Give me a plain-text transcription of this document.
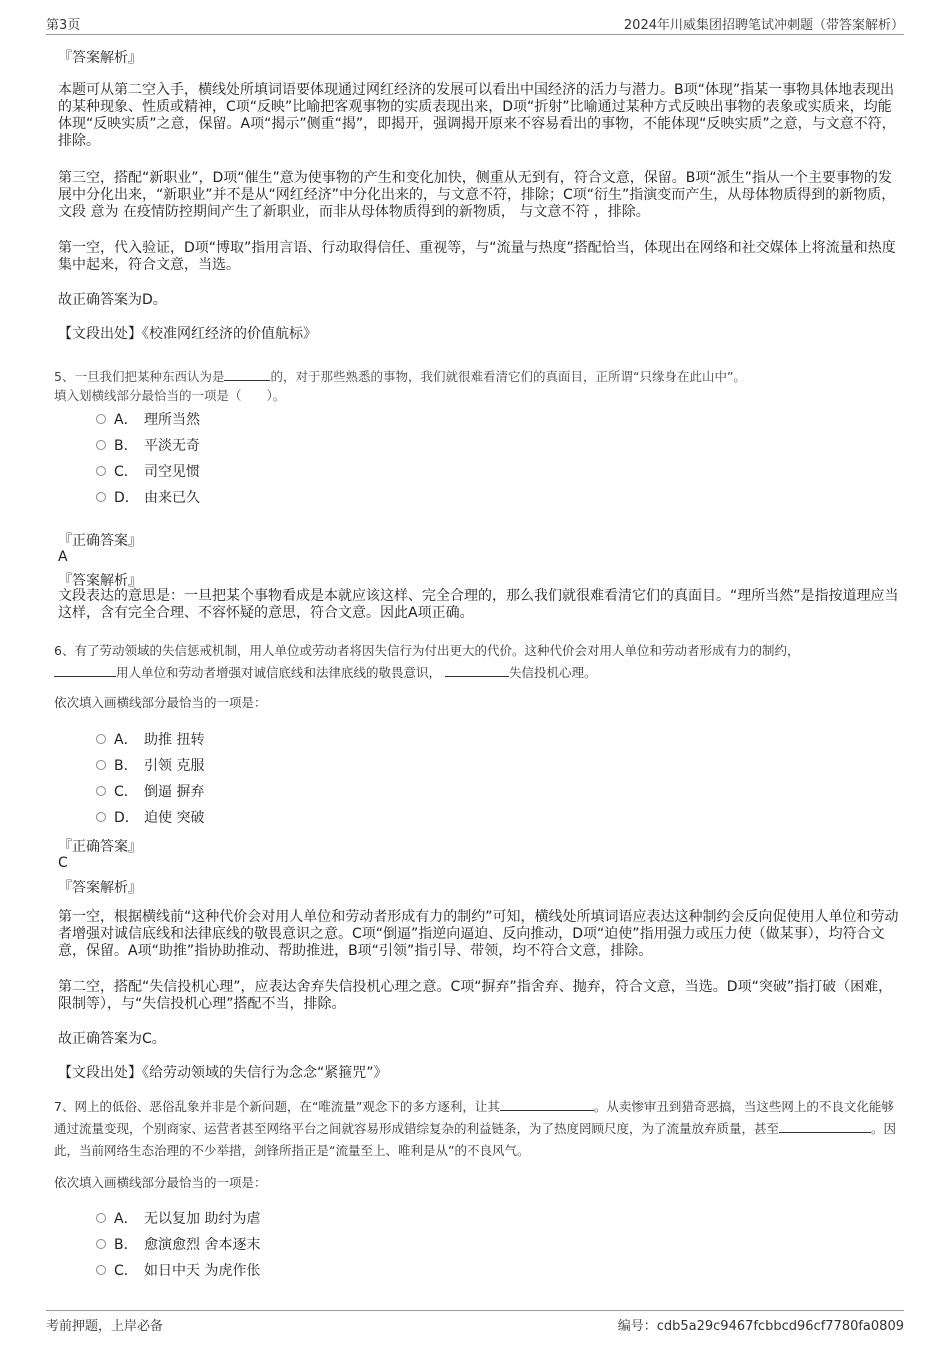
第3页	2024年川威集团招聘笔试冲刺题（带答案解析）
『答案解析』
本题可从第二空入手，横线处所填词语要体现通过网红经济的发展可以看出中国经济的活力与潜力。B项“体现”指某一事物具体地表现出的某种现象、性质或精神，C项“反映”比喻把客观事物的实质表现出来，D项“折射”比喻通过某种方式反映出事物的表象或实质来，均能体现“反映实质”之意，保留。A项“揭示”侧重“揭”，即揭开，强调揭开原来不容易看出的事物，不能体现“反映实质”之意，与文意不符，排除。
第三空，搭配“新职业”，D项“催生”意为使事物的产生和变化加快，侧重从无到有，符合文意，保留。B项“派生”指从一个主要事物的发展中分化出来，“新职业”并不是从“网红经济”中分化出来的，与文意不符，排除；C项“衍生”指演变而产生，从母体物质得到的新物质，文段 意为 在疫情防控期间产生了新职业，而非从母体物质得到的新物质， 与文意不符 ，排除。
第一空，代入验证，D项“博取”指用言语、行动取得信任、重视等，与“流量与热度”搭配恰当，体现出在网络和社交媒体上将流量和热度集中起来，符合文意，当选。
故正确答案为D。
【文段出处】《校准网红经济的价值航标》
5、一旦我们把某种东西认为是	的，对于那些熟悉的事物，我们就很难看清它们的真面目，正所谓“只缘身在此山中”。
填入划横线部分最恰当的一项是（　　）。
A． 理所当然
B． 平淡无奇
C． 司空见惯
D． 由来已久
『正确答案』
A
『答案解析』
文段表达的意思是：一旦把某个事物看成是本就应该这样、完全合理的，那么我们就很难看清它们的真面目。“理所当然”是指按道理应当这样，含有完全合理、不容怀疑的意思，符合文意。因此A项正确。
6、有了劳动领域的失信惩戒机制，用人单位或劳动者将因失信行为付出更大的代价。这种代价会对用人单位和劳动者形成有力的制约，
用人单位和劳动者增强对诚信底线和法律底线的敬畏意识，	失信投机心理。
依次填入画横线部分最恰当的一项是：
A． 助推 扭转
B． 引领 克服
C． 倒逼 摒弃
D． 迫使 突破
『正确答案』
C
『答案解析』
第一空，根据横线前“这种代价会对用人单位和劳动者形成有力的制约”可知，横线处所填词语应表达这种制约会反向促使用人单位和劳动者增强对诚信底线和法律底线的敬畏意识之意。C项“倒逼”指逆向逼迫、反向推动，D项“迫使”指用强力或压力使（做某事），均符合文意，保留。A项“助推”指协助推动、帮助推进，B项“引领”指引导、带领，均不符合文意，排除。
第二空，搭配“失信投机心理”，应表达舍弃失信投机心理之意。C项“摒弃”指舍弃、抛弃，符合文意，当选。D项“突破”指打破（困难，限制等），与“失信投机心理”搭配不当，排除。
故正确答案为C。
【文段出处】《给劳动领域的失信行为念念“紧箍咒”》
7、网上的低俗、恶俗乱象并非是个新问题，在“唯流量”观念下的多方逐利，让其	。从卖惨审丑到猎奇恶搞，当这些网上的不良文化能够通过流量变现，个别商家、运营者甚至网络平台之间就容易形成错综复杂的利益链条，为了热度罔顾尺度，为了流量放弃质量，甚至	。因此，当前网络生态治理的不少举措，剑锋所指正是“流量至上、唯利是从”的不良风气。
依次填入画横线部分最恰当的一项是：
A． 无以复加 助纣为虐
B． 愈演愈烈 舍本逐末
C． 如日中天 为虎作伥
考前押题，上岸必备	编号：cdb5a29c9467fcbbcd96cf7780fa0809
